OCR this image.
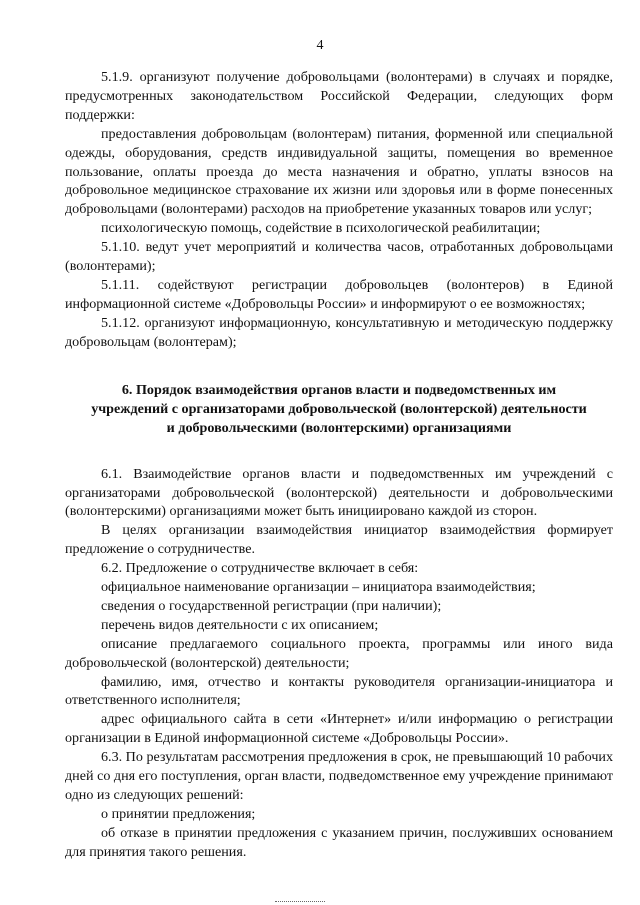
4

5.1.9. организуют получение добровольцами (волонтерами) в случаях и порядке, предусмотренных законодательством Российской Федерации, следующих форм поддержки:

предоставления добровольцам (волонтерам) питания, форменной или специальной одежды, оборудования, средств индивидуальной защиты, помещения во временное пользование, оплаты проезда до места назначения и обратно, уплаты взносов на добровольное медицинское страхование их жизни или здоровья или в форме понесенных добровольцами (волонтерами) расходов на приобретение указанных товаров или услуг;

психологическую помощь, содействие в психологической реабилитации;

5.1.10. ведут учет мероприятий и количества часов, отработанных добровольцами (волонтерами);

5.1.11. содействуют регистрации добровольцев (волонтеров) в Единой информационной системе «Добровольцы России» и информируют о ее возможностях;

5.1.12. организуют информационную, консультативную и методическую поддержку добровольцам (волонтерам);

6. Порядок взаимодействия органов власти и подведомственных им
учреждений с организаторами добровольческой (волонтерской) деятельности
и добровольческими (волонтерскими) организациями

6.1. Взаимодействие органов власти и подведомственных им учреждений с организаторами добровольческой (волонтерской) деятельности и добровольческими (волонтерскими) организациями может быть инициировано каждой из сторон.

В целях организации взаимодействия инициатор взаимодействия формирует предложение о сотрудничестве.

6.2. Предложение о сотрудничестве включает в себя:

официальное наименование организации – инициатора взаимодействия;

сведения о государственной регистрации (при наличии);

перечень видов деятельности с их описанием;

описание предлагаемого социального проекта, программы или иного вида добровольческой (волонтерской) деятельности;

фамилию, имя, отчество и контакты руководителя организации-инициатора и ответственного исполнителя;

адрес официального сайта в сети «Интернет» и/или информацию о регистрации организации в Единой информационной системе «Добровольцы России».

6.3. По результатам рассмотрения предложения в срок, не превышающий 10 рабочих дней со дня его поступления, орган власти, подведомственное ему учреждение принимают одно из следующих решений:

о принятии предложения;

об отказе в принятии предложения с указанием причин, послуживших основанием для принятия такого решения.
